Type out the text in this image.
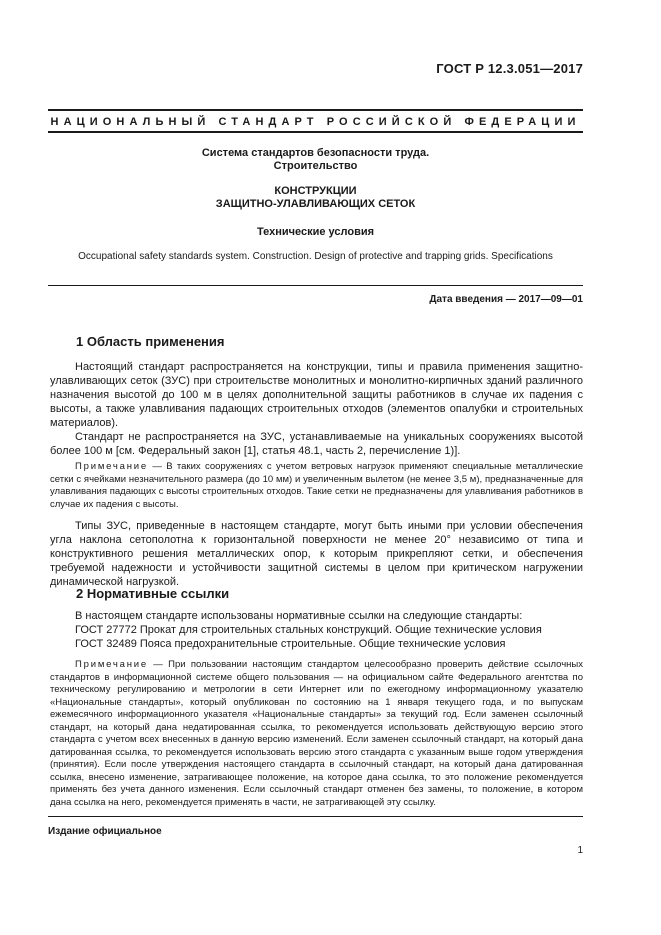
ГОСТ Р 12.3.051—2017
НАЦИОНАЛЬНЫЙ СТАНДАРТ РОССИЙСКОЙ ФЕДЕРАЦИИ
Система стандартов безопасности труда.
Строительство
КОНСТРУКЦИИ
ЗАЩИТНО-УЛАВЛИВАЮЩИХ СЕТОК
Технические условия
Occupational safety standards system. Construction. Design of protective and trapping grids. Specifications
Дата введения — 2017—09—01
1 Область применения
Настоящий стандарт распространяется на конструкции, типы и правила применения защитно-улавливающих сеток (ЗУС) при строительстве монолитных и монолитно-кирпичных зданий различного назначения высотой до 100 м в целях дополнительной защиты работников в случае их падения с высоты, а также улавливания падающих строительных отходов (элементов опалубки и строительных материалов).
Стандарт не распространяется на ЗУС, устанавливаемые на уникальных сооружениях высотой более 100 м [см. Федеральный закон [1], статья 48.1, часть 2, перечисление 1)].
Примечание — В таких сооружениях с учетом ветровых нагрузок применяют специальные металлические сетки с ячейками незначительного размера (до 10 мм) и увеличенным вылетом (не менее 3,5 м), предназначенные для улавливания падающих с высоты строительных отходов. Такие сетки не предназначены для улавливания работников в случае их падения с высоты.
Типы ЗУС, приведенные в настоящем стандарте, могут быть иными при условии обеспечения угла наклона сетополотна к горизонтальной поверхности не менее 20° независимо от типа и конструктивного решения металлических опор, к которым прикрепляют сетки, и обеспечения требуемой надежности и устойчивости защитной системы в целом при критическом нагружении динамической нагрузкой.
2 Нормативные ссылки
В настоящем стандарте использованы нормативные ссылки на следующие стандарты:
ГОСТ 27772 Прокат для строительных стальных конструкций. Общие технические условия
ГОСТ 32489 Пояса предохранительные строительные. Общие технические условия
Примечание — При пользовании настоящим стандартом целесообразно проверить действие ссылочных стандартов в информационной системе общего пользования — на официальном сайте Федерального агентства по техническому регулированию и метрологии в сети Интернет или по ежегодному информационному указателю «Национальные стандарты», который опубликован по состоянию на 1 января текущего года, и по выпускам ежемесячного информационного указателя «Национальные стандарты» за текущий год. Если заменен ссылочный стандарт, на который дана недатированная ссылка, то рекомендуется использовать действующую версию этого стандарта с учетом всех внесенных в данную версию изменений. Если заменен ссылочный стандарт, на который дана датированная ссылка, то рекомендуется использовать версию этого стандарта с указанным выше годом утверждения (принятия). Если после утверждения настоящего стандарта в ссылочный стандарт, на который дана датированная ссылка, внесено изменение, затрагивающее положение, на которое дана ссылка, то это положение рекомендуется применять без учета данного изменения. Если ссылочный стандарт отменен без замены, то положение, в котором дана ссылка на него, рекомендуется применять в части, не затрагивающей эту ссылку.
Издание официальное
1
